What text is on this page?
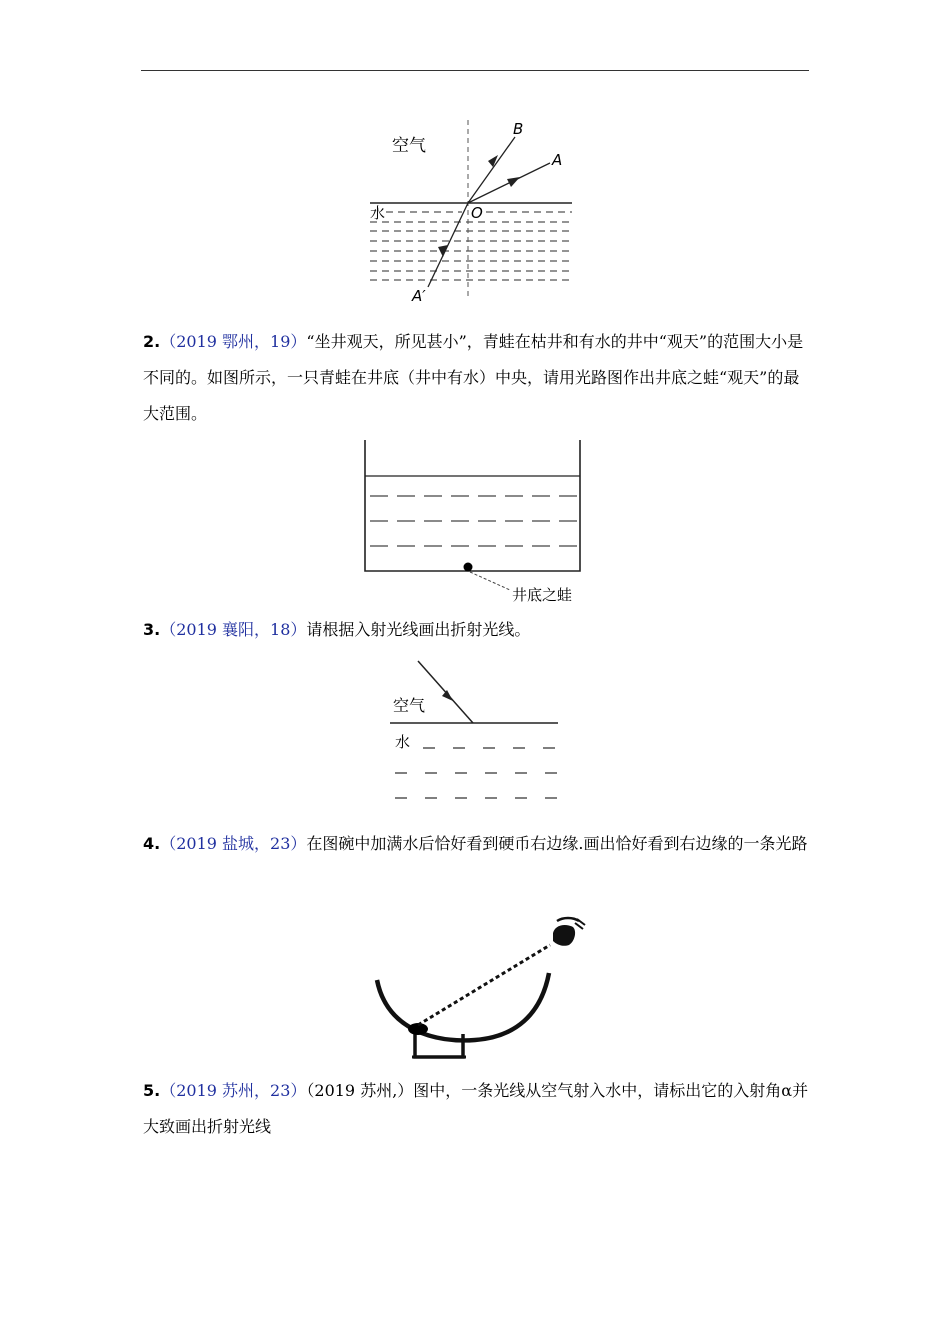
空气
水
B
A
O
A′
2.（2019 鄂州，19）“坐井观天，所见甚小”，青蛙在枯井和有水的井中“观天”的范围大小是不同的。如图所示，一只青蛙在井底（井中有水）中央，请用光路图作出井底之蛙“观天”的最大范围。
井底之蛙
3.（2019 襄阳，18）请根据入射光线画出折射光线。
空气
水
4.（2019 盐城，23）在图碗中加满水后恰好看到硬币右边缘.画出恰好看到右边缘的一条光路
5.（2019 苏州，23）（2019 苏州,）图中，一条光线从空气射入水中，请标出它的入射角α并大致画出折射光线
